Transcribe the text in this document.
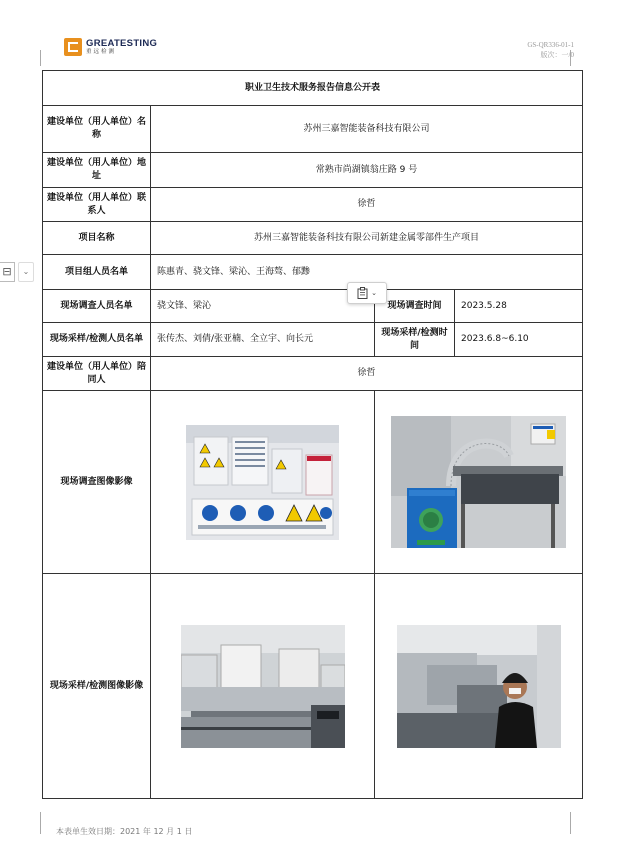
GREATESTING
重远检测
GS-QR336-01-1
版次：一/0
⊟	⌄
职业卫生技术服务报告信息公开表			
建设单位（用人单位）名称	苏州三嘉智能装备科技有限公司		
建设单位（用人单位）地址	常熟市尚湖镇翁庄路 9 号		
建设单位（用人单位）联系人	徐哲		
项目名称	苏州三嘉智能装备科技有限公司新建金属零部件生产项目		
项目组人员名单	陈惠青、骁文锋、梁沁、王海骜、郁黪		
现场调查人员名单	骁文锋、梁沁	现场调查时间	2023.5.28
现场采样/检测人员名单	张传杰、刘倩/张亚楠、全立宇、向长元	现场采样/检测时间	2023.6.8~6.10
建设单位（用人单位）陪同人	徐哲		
现场调查图像影像	

现场采样/检测图像影像	

⌄
本表单生效日期：2021 年 12 月 1 日
